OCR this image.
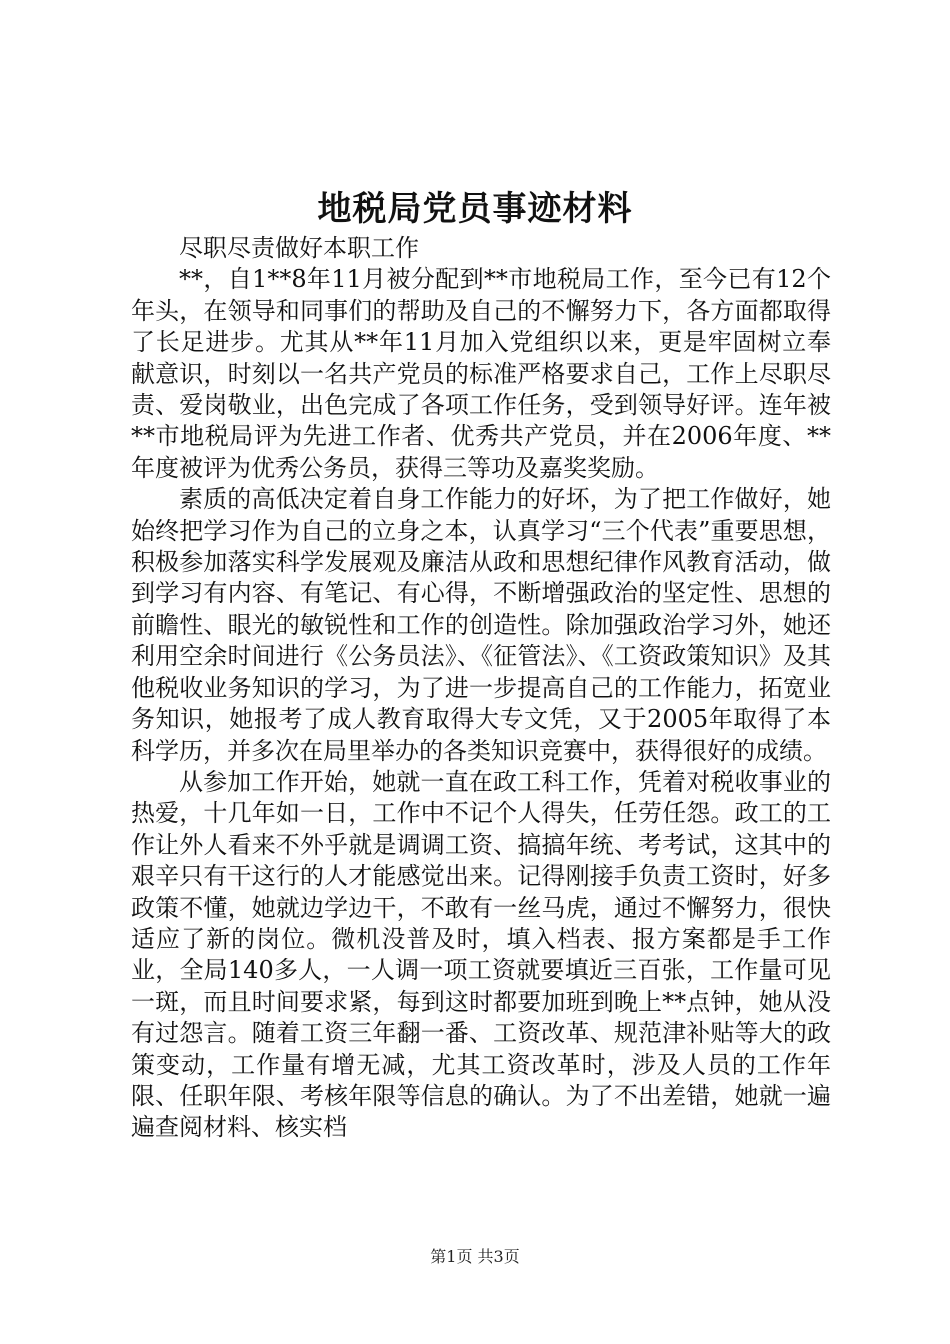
地税局党员事迹材料

尽职尽责做好本职工作

**，自1**8年11月被分配到**市地税局工作，至今已有12个年头，在领导和同事们的帮助及自己的不懈努力下，各方面都取得了长足进步。尤其从**年11月加入党组织以来，更是牢固树立奉献意识，时刻以一名共产党员的标准严格要求自己，工作上尽职尽责、爱岗敬业，出色完成了各项工作任务，受到领导好评。连年被**市地税局评为先进工作者、优秀共产党员，并在2006年度、**年度被评为优秀公务员，获得三等功及嘉奖奖励。

素质的高低决定着自身工作能力的好坏，为了把工作做好，她始终把学习作为自己的立身之本，认真学习“三个代表”重要思想，积极参加落实科学发展观及廉洁从政和思想纪律作风教育活动，做到学习有内容、有笔记、有心得，不断增强政治的坚定性、思想的前瞻性、眼光的敏锐性和工作的创造性。除加强政治学习外，她还利用空余时间进行《公务员法》、《征管法》、《工资政策知识》及其他税收业务知识的学习，为了进一步提高自己的工作能力，拓宽业务知识，她报考了成人教育取得大专文凭，又于2005年取得了本科学历，并多次在局里举办的各类知识竞赛中，获得很好的成绩。

从参加工作开始，她就一直在政工科工作，凭着对税收事业的热爱，十几年如一日，工作中不记个人得失，任劳任怨。政工的工作让外人看来不外乎就是调调工资、搞搞年统、考考试，这其中的艰辛只有干这行的人才能感觉出来。记得刚接手负责工资时，好多政策不懂，她就边学边干，不敢有一丝马虎，通过不懈努力，很快适应了新的岗位。微机没普及时，填入档表、报方案都是手工作业，全局140多人，一人调一项工资就要填近三百张，工作量可见一斑，而且时间要求紧，每到这时都要加班到晚上**点钟，她从没有过怨言。随着工资三年翻一番、工资改革、规范津补贴等大的政策变动，工作量有增无减，尤其工资改革时，涉及人员的工作年限、任职年限、考核年限等信息的确认。为了不出差错，她就一遍遍查阅材料、核实档

第1页 共3页
